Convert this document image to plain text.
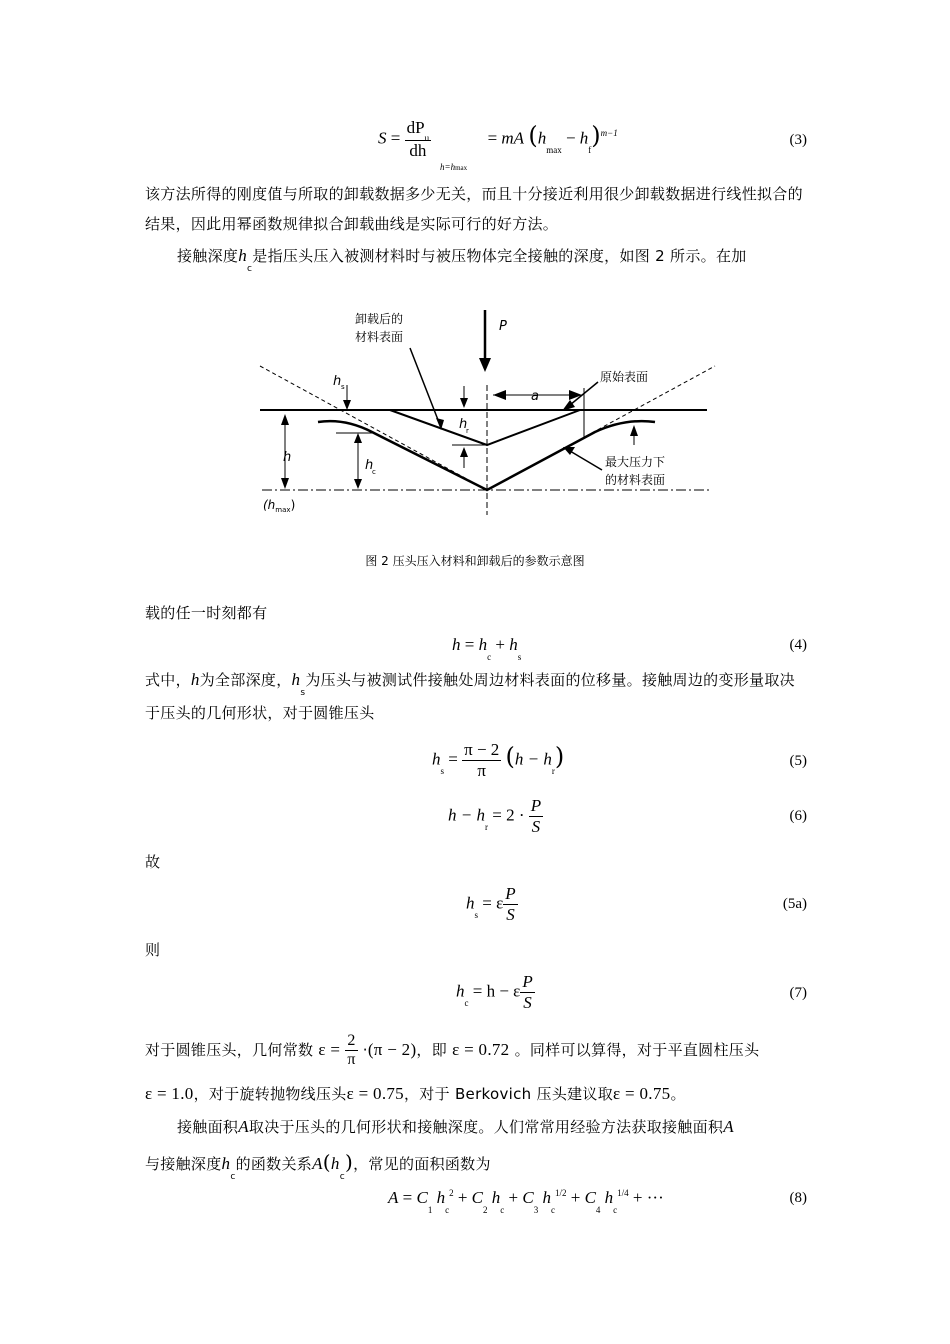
$S = \frac{dP_u}{dh}$	= mA $(h_{max} - h_f)^{m-1}$
h=hmax
(3)
该方法所得的刚度值与所取的卸载数据多少无关，而且十分接近利用很少卸载数据进行线性拟合的结果，因此用幂函数规律拟合卸载曲线是实际可行的好方法。
接触深度$h_c$是指压头压入被测材料时与被压物体完全接触的深度，如图 2 所示。在加
卸载后的
材料表面
P
原始表面
a
h s
h
r
h
h
c
$(h_{max})$
最大压力下
的材料表面
图 2 压头压入材料和卸载后的参数示意图
载的任一时刻都有
$h = h_c + h_s$
(4)
式中，h为全部深度，$h_s$为压头与被测试件接触处周边材料表面的位移量。接触周边的变形量取决于压头的几何形状，对于圆锥压头
$h_s = \frac{\pi - 2}{\pi} (h - h_r)$	(5)
$h - h_r = 2 \cdot \frac{P}{S}$	(6)
故
$h_s = \varepsilon \frac{P}{S}$	(5a)
则
$h_c = h - \varepsilon \frac{P}{S}$	(7)
对于圆锥压头，几何常数 $\varepsilon = \frac{2}{\pi} \cdot(\pi - 2)$，即 ε = 0.72 。同样可以算得，对于平直圆柱压头
ε = 1.0，对于旋转抛物线压头ε = 0.75，对于 Berkovich 压头建议取ε = 0.75。
接触面积A取决于压头的几何形状和接触深度。人们常常用经验方法获取接触面积A
与接触深度$h_c$的函数关系$A(h_c)$，常见的面积函数为
$A = C_1$ $h_c^2 + C_2$ $h_c + C_3$ $h_c^{1/2} + C_4$ $h_c^{1/4}$ + ···	(8)
